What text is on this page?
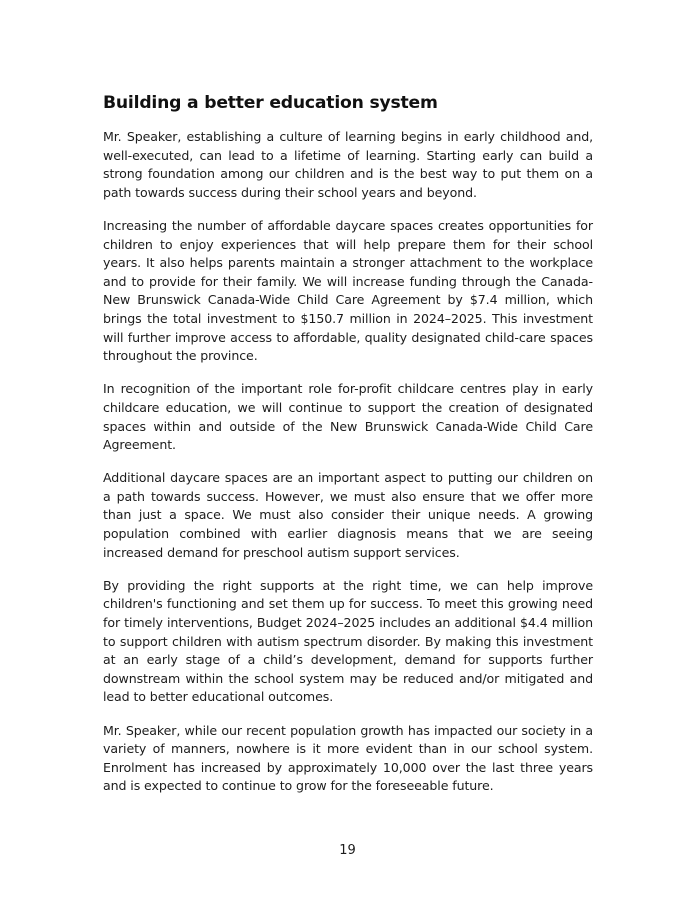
Building a better education system

Mr. Speaker, establishing a culture of learning begins in early childhood and, well-executed, can lead to a lifetime of learning. Starting early can build a strong foundation among our children and is the best way to put them on a path towards success during their school years and beyond.

Increasing the number of affordable daycare spaces creates opportunities for children to enjoy experiences that will help prepare them for their school years. It also helps parents maintain a stronger attachment to the workplace and to provide for their family. We will increase funding through the Canada-New Brunswick Canada-Wide Child Care Agreement by $7.4 million, which brings the total investment to $150.7 million in 2024–2025. This investment will further improve access to affordable, quality designated child-care spaces throughout the province.

In recognition of the important role for-profit childcare centres play in early childcare education, we will continue to support the creation of designated spaces within and outside of the New Brunswick Canada-Wide Child Care Agreement.

Additional daycare spaces are an important aspect to putting our children on a path towards success. However, we must also ensure that we offer more than just a space. We must also consider their unique needs. A growing population combined with earlier diagnosis means that we are seeing increased demand for preschool autism support services.

By providing the right supports at the right time, we can help improve children's functioning and set them up for success. To meet this growing need for timely interventions, Budget 2024–2025 includes an additional $4.4 million to support children with autism spectrum disorder. By making this investment at an early stage of a child’s development, demand for supports further downstream within the school system may be reduced and/or mitigated and lead to better educational outcomes.

Mr. Speaker, while our recent population growth has impacted our society in a variety of manners, nowhere is it more evident than in our school system. Enrolment has increased by approximately 10,000 over the last three years and is expected to continue to grow for the foreseeable future.

19
